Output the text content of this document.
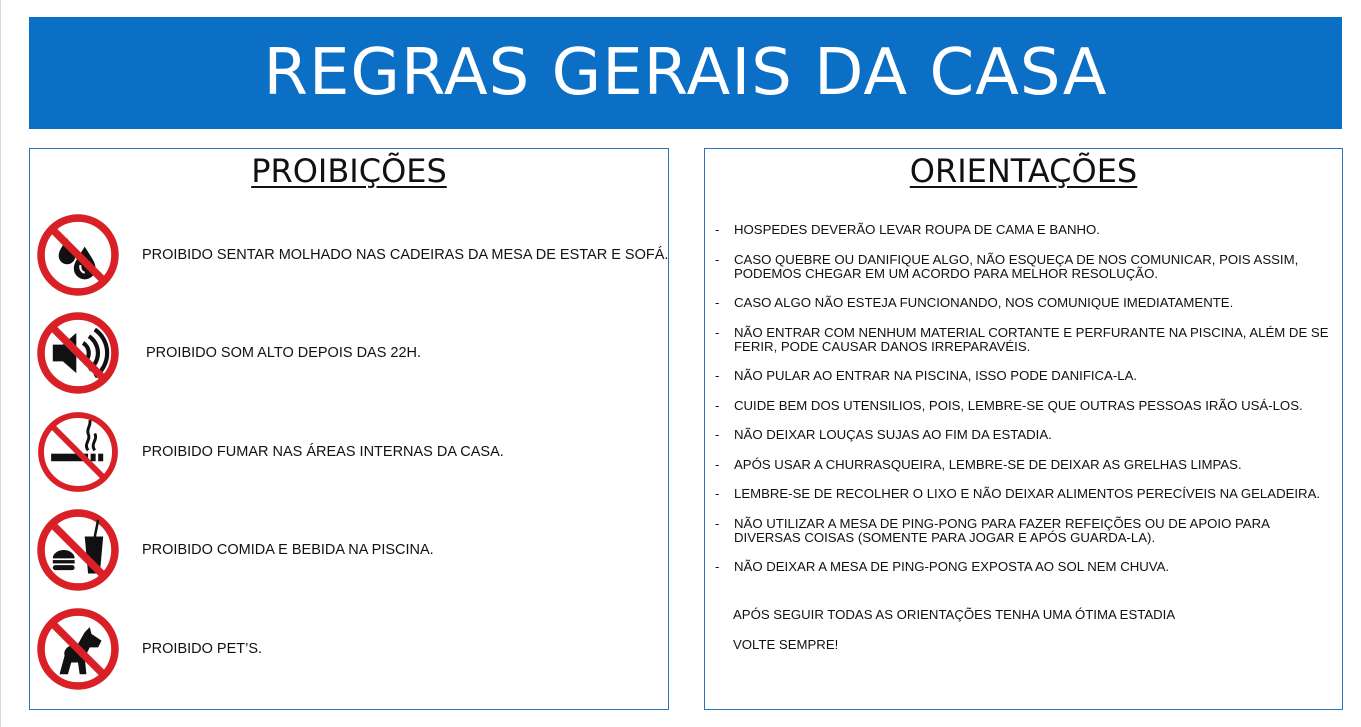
REGRAS GERAIS DA CASA
PROIBIÇÕES
PROIBIDO SENTAR MOLHADO NAS CADEIRAS DA MESA DE ESTAR E SOFÁ.
PROIBIDO SOM ALTO DEPOIS DAS 22H.
PROIBIDO FUMAR NAS ÁREAS INTERNAS DA CASA.
PROIBIDO COMIDA E BEBIDA NA PISCINA.
PROIBIDO PET’S.
ORIENTAÇÕES
- HOSPEDES DEVERÃO LEVAR ROUPA DE CAMA E BANHO.
- CASO QUEBRE OU DANIFIQUE ALGO, NÃO ESQUEÇA DE NOS COMUNICAR, POIS ASSIM, PODEMOS CHEGAR EM UM ACORDO PARA MELHOR RESOLUÇÃO.
- CASO ALGO NÃO ESTEJA FUNCIONANDO, NOS COMUNIQUE IMEDIATAMENTE.
- NÃO ENTRAR COM NENHUM MATERIAL CORTANTE E PERFURANTE NA PISCINA, ALÉM DE SE FERIR, PODE CAUSAR DANOS IRREPARAVÉIS.
- NÃO PULAR AO ENTRAR NA PISCINA, ISSO PODE DANIFICA-LA.
- CUIDE BEM DOS UTENSILIOS, POIS, LEMBRE-SE QUE OUTRAS PESSOAS IRÃO USÁ-LOS.
- NÃO DEIXAR LOUÇAS SUJAS AO FIM DA ESTADIA.
- APÓS USAR A CHURRASQUEIRA, LEMBRE-SE DE DEIXAR AS GRELHAS LIMPAS.
- LEMBRE-SE DE RECOLHER O LIXO E NÃO DEIXAR ALIMENTOS PERECÍVEIS NA GELADEIRA.
- NÃO UTILIZAR A MESA DE PING-PONG PARA FAZER REFEIÇÕES OU DE APOIO PARA DIVERSAS COISAS (SOMENTE PARA JOGAR E APÓS GUARDA-LA).
- NÃO DEIXAR A MESA DE PING-PONG EXPOSTA AO SOL NEM CHUVA.

APÓS SEGUIR TODAS AS ORIENTAÇÕES TENHA UMA ÓTIMA ESTADIA

VOLTE SEMPRE!
